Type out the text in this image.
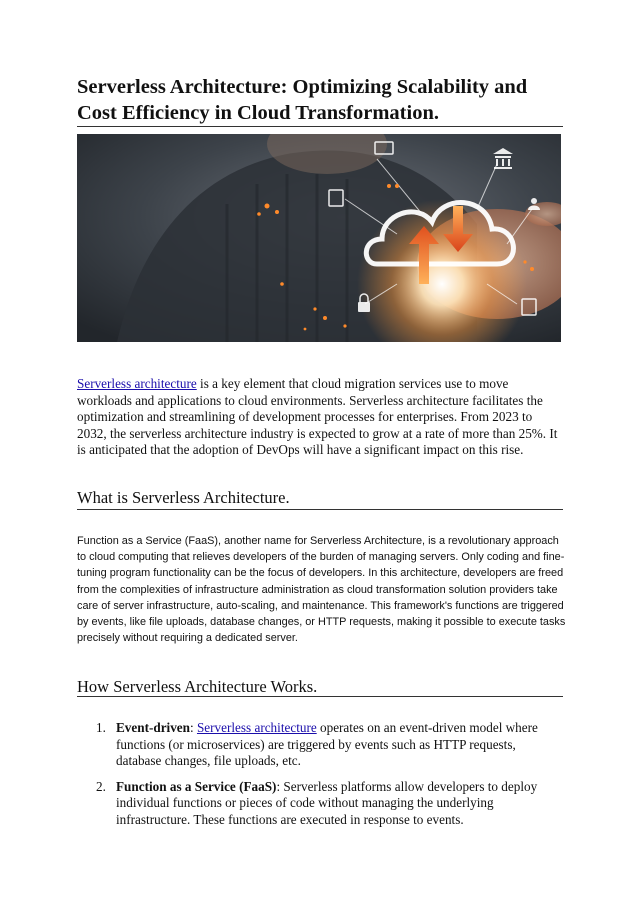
Serverless Architecture: Optimizing Scalability and Cost Efficiency in Cloud Transformation.

Serverless architecture is a key element that cloud migration services use to move workloads and applications to cloud environments. Serverless architecture facilitates the optimization and streamlining of development processes for enterprises. From 2023 to 2032, the serverless architecture industry is expected to grow at a rate of more than 25%. It is anticipated that the adoption of DevOps will have a significant impact on this rise.

What is Serverless Architecture.

Function as a Service (FaaS), another name for Serverless Architecture, is a revolutionary approach to cloud computing that relieves developers of the burden of managing servers. Only coding and fine-tuning program functionality can be the focus of developers. In this architecture, developers are freed from the complexities of infrastructure administration as cloud transformation solution providers take care of server infrastructure, auto-scaling, and maintenance. This framework's functions are triggered by events, like file uploads, database changes, or HTTP requests, making it possible to execute tasks precisely without requiring a dedicated server.

How Serverless Architecture Works.
1. Event-driven: Serverless architecture operates on an event-driven model where functions (or microservices) are triggered by events such as HTTP requests, database changes, file uploads, etc.
2. Function as a Service (FaaS): Serverless platforms allow developers to deploy individual functions or pieces of code without managing the underlying infrastructure. These functions are executed in response to events.
